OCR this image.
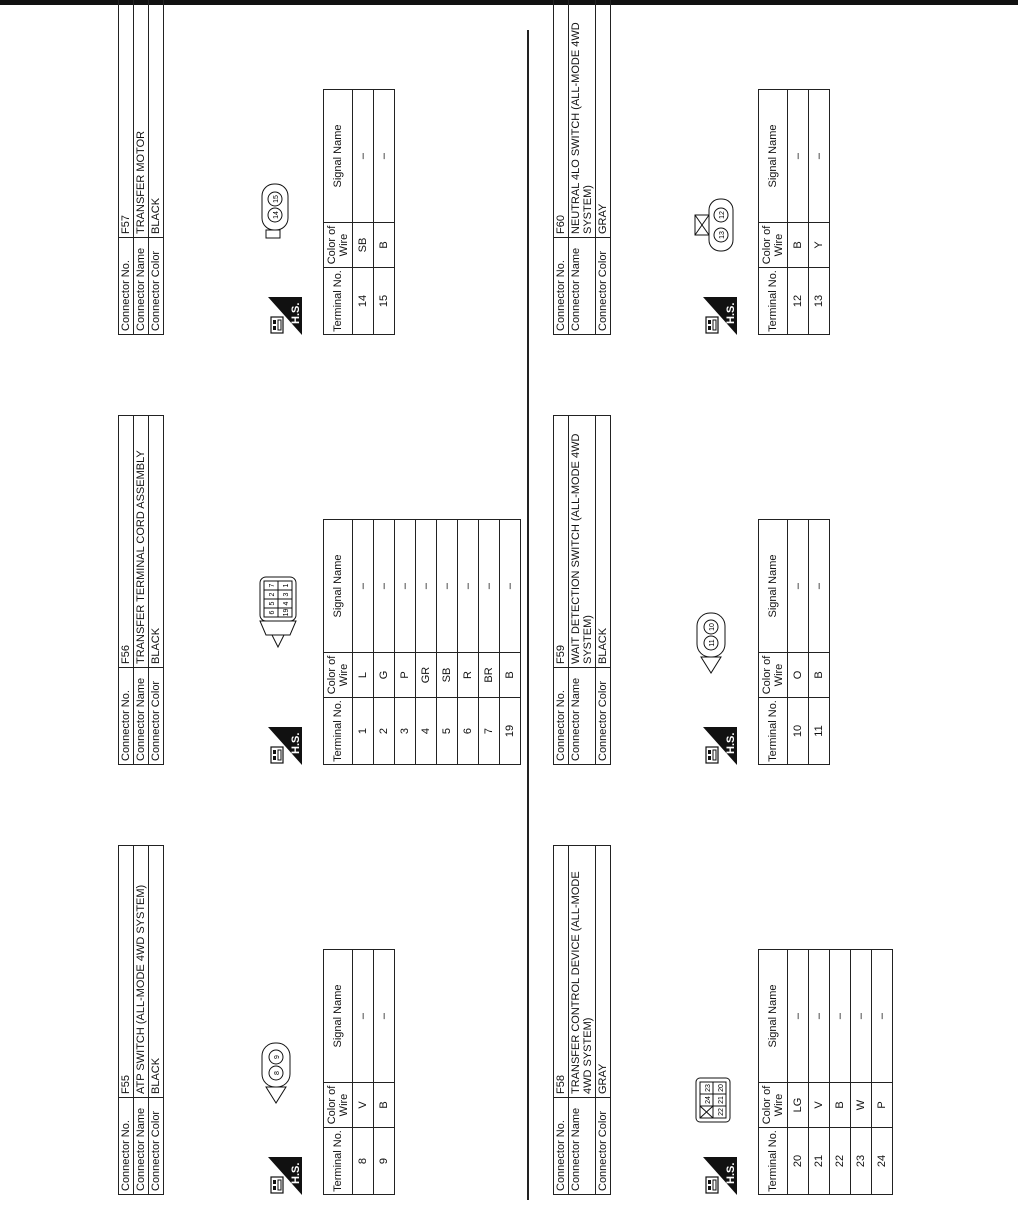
Connector No.	F55
Connector Name	ATP SWITCH (ALL-MODE 4WD SYSTEM)
Connector Color	BLACK
H.S.
8
9
Terminal No.	Color of
Wire	Signal Name
8	V	–
9	B	–
Connector No.	F56
Connector Name	TRANSFER TERMINAL CORD ASSEMBLY
Connector Color	BLACK
H.S.
6
5
2
7
19
4
3
1
Terminal No.	Color of
Wire	Signal Name
1	L	–
2	G	–
3	P	–
4	GR	–
5	SB	–
6	R	–
7	BR	–
19	B	–
Connector No.	F57
Connector Name	TRANSFER MOTOR
Connector Color	BLACK
H.S.
14
15
Terminal No.	Color of
Wire	Signal Name
14	SB	–
15	B	–
Connector No.	F58
Connector Name	TRANSFER CONTROL DEVICE (ALL-MODE 4WD SYSTEM)
Connector Color	GRAY
H.S.
24
23
22
21
20
Terminal No.	Color of
Wire	Signal Name
20	LG	–
21	V	–
22	B	–
23	W	–
24	P	–
Connector No.	F59
Connector Name	WAIT DETECTION SWITCH (ALL-MODE 4WD SYSTEM)
Connector Color	BLACK
H.S.
11
10
Terminal No.	Color of
Wire	Signal Name
10	O	–
11	B	–
Connector No.	F60
Connector Name	NEUTRAL 4LO SWITCH (ALL-MODE 4WD SYSTEM)
Connector Color	GRAY
H.S.
13
12
Terminal No.	Color of
Wire	Signal Name
12	B	–
13	Y	–
